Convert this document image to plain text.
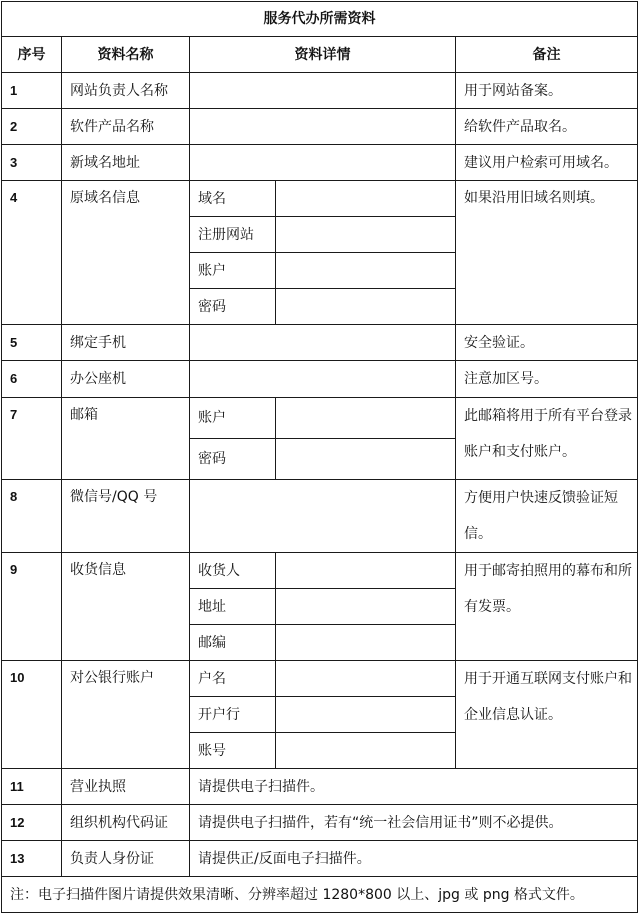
服务代办所需资料				
序号	资料名称	资料详情		备注
1	网站负责人名称			用于网站备案。
2	软件产品名称			给软件产品取名。
3	新域名地址			建议用户检索可用域名。
4	原域名信息	域名		如果沿用旧域名则填。
		注册网站		
		账户		
		密码		
5	绑定手机			安全验证。
6	办公座机			注意加区号。
7	邮箱	账户		此邮箱将用于所有平台登录账户和支付账户。
		密码		
8	微信号/QQ 号			方便用户快速反馈验证短信。
9	收货信息	收货人		用于邮寄拍照用的幕布和所有发票。
		地址		
		邮编		
10	对公银行账户	户名		用于开通互联网支付账户和企业信息认证。
		开户行		
		账号		
11	营业执照	请提供电子扫描件。		
12	组织机构代码证	请提供电子扫描件，若有“统一社会信用证书”则不必提供。		
13	负责人身份证	请提供正/反面电子扫描件。		
注：电子扫描件图片请提供效果清晰、分辨率超过 1280*800 以上、jpg 或 png 格式文件。				
